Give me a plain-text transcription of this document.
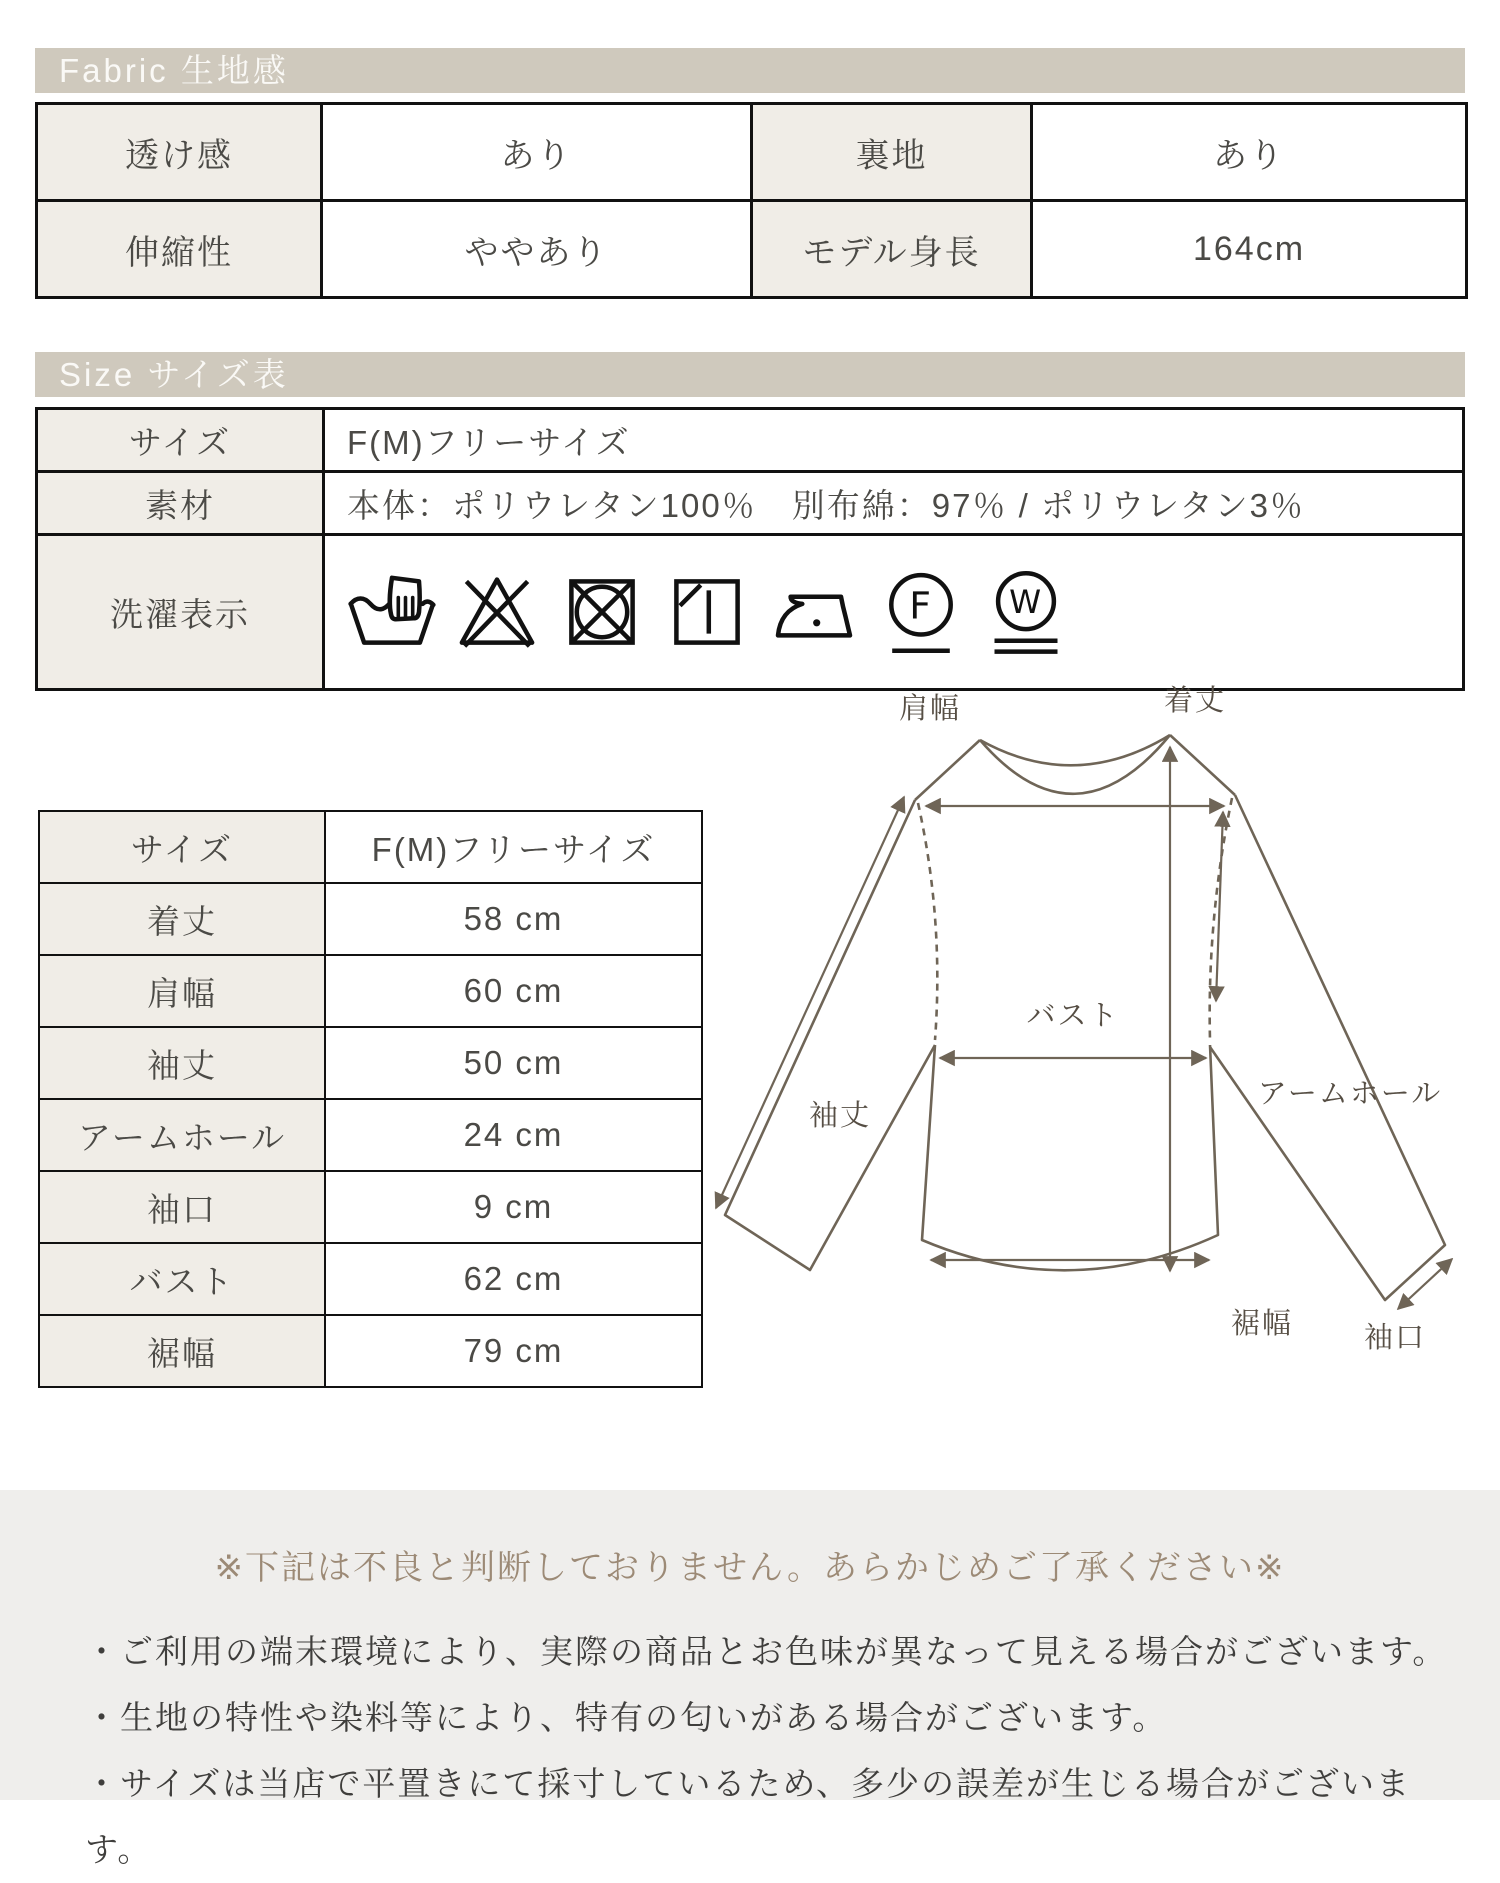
Fabric 生地感
透け感	あり	裏地	あり
伸縮性	ややあり	モデル身長	164cm
Size サイズ表
サイズ	F(M)フリーサイズ
素材	本体：ポリウレタン100％　別布綿：97％ / ポリウレタン3％
洗濯表示	F W
サイズ	F(M)フリーサイズ
着丈	58 cm
肩幅	60 cm
袖丈	50 cm
アームホール	24 cm
袖口	9 cm
バスト	62 cm
裾幅	79 cm
着丈
肩幅
袖丈
アームホール
バスト
袖口
裾幅
※下記は不良と判断しておりません。あらかじめご了承ください※
・ご利用の端末環境により、実際の商品とお色味が異なって見える場合がございます。
・生地の特性や染料等により、特有の匂いがある場合がございます。
・サイズは当店で平置きにて採寸しているため、多少の誤差が生じる場合がございます。
